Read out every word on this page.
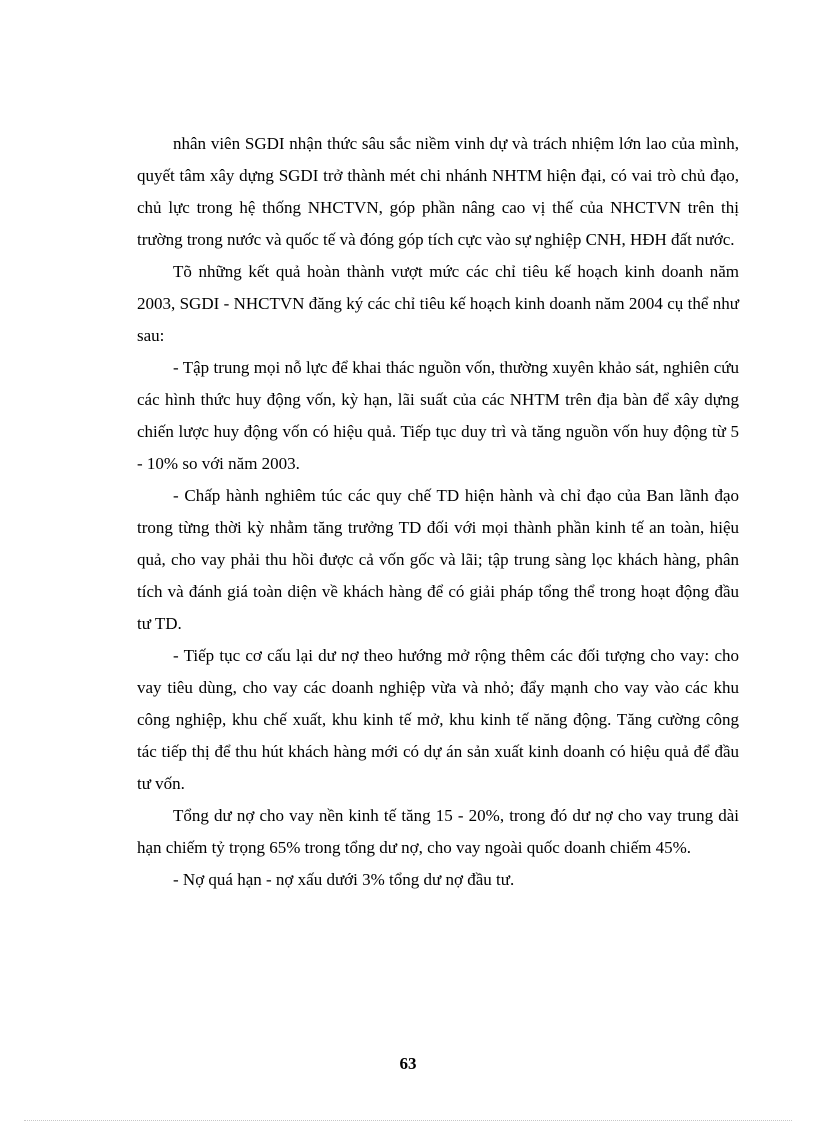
nhân viên SGDI nhận thức sâu sắc niềm vinh dự và trách nhiệm lớn lao của mình, quyết tâm xây dựng SGDI trở thành mét chi nhánh NHTM hiện đại, có vai trò chủ đạo, chủ lực trong hệ thống NHCTVN, góp phần nâng cao vị thế của NHCTVN trên thị trường trong nước và quốc tế và đóng góp tích cực vào sự nghiệp CNH, HĐH đất nước.

Tõ những kết quả hoàn thành vượt mức các chỉ tiêu kế hoạch kinh doanh năm 2003, SGDI - NHCTVN đăng ký các chỉ tiêu kế hoạch kinh doanh năm 2004 cụ thể như sau:

- Tập trung mọi nỗ lực để khai thác nguồn vốn, thường xuyên khảo sát, nghiên cứu các hình thức huy động vốn, kỳ hạn, lãi suất của các NHTM trên địa bàn để xây dựng chiến lược huy động vốn có hiệu quả. Tiếp tục duy trì và tăng nguồn vốn huy động từ 5 - 10% so với năm 2003.

- Chấp hành nghiêm túc các quy chế TD hiện hành và chỉ đạo của Ban lãnh đạo trong từng thời kỳ nhằm tăng trưởng TD đối với mọi thành phần kinh tế an toàn, hiệu quả, cho vay phải thu hồi được cả vốn gốc và lãi; tập trung sàng lọc khách hàng, phân tích và đánh giá toàn diện về khách hàng để có giải pháp tổng thể trong hoạt động đầu tư TD.

- Tiếp tục cơ cấu lại dư nợ theo hướng mở rộng thêm các đối tượng cho vay: cho vay tiêu dùng, cho vay các doanh nghiệp vừa và nhỏ; đẩy mạnh cho vay vào các khu công nghiệp, khu chế xuất, khu kinh tế mở, khu kinh tế năng động. Tăng cường công tác tiếp thị để thu hút khách hàng mới có dự án sản xuất kinh doanh có hiệu quả để đầu tư vốn.

Tổng dư nợ cho vay nền kinh tế tăng 15 - 20%, trong đó dư nợ cho vay trung dài hạn chiếm tỷ trọng 65% trong tổng dư nợ, cho vay ngoài quốc doanh chiếm 45%.

- Nợ quá hạn - nợ xấu dưới 3% tổng dư nợ đầu tư.

63
